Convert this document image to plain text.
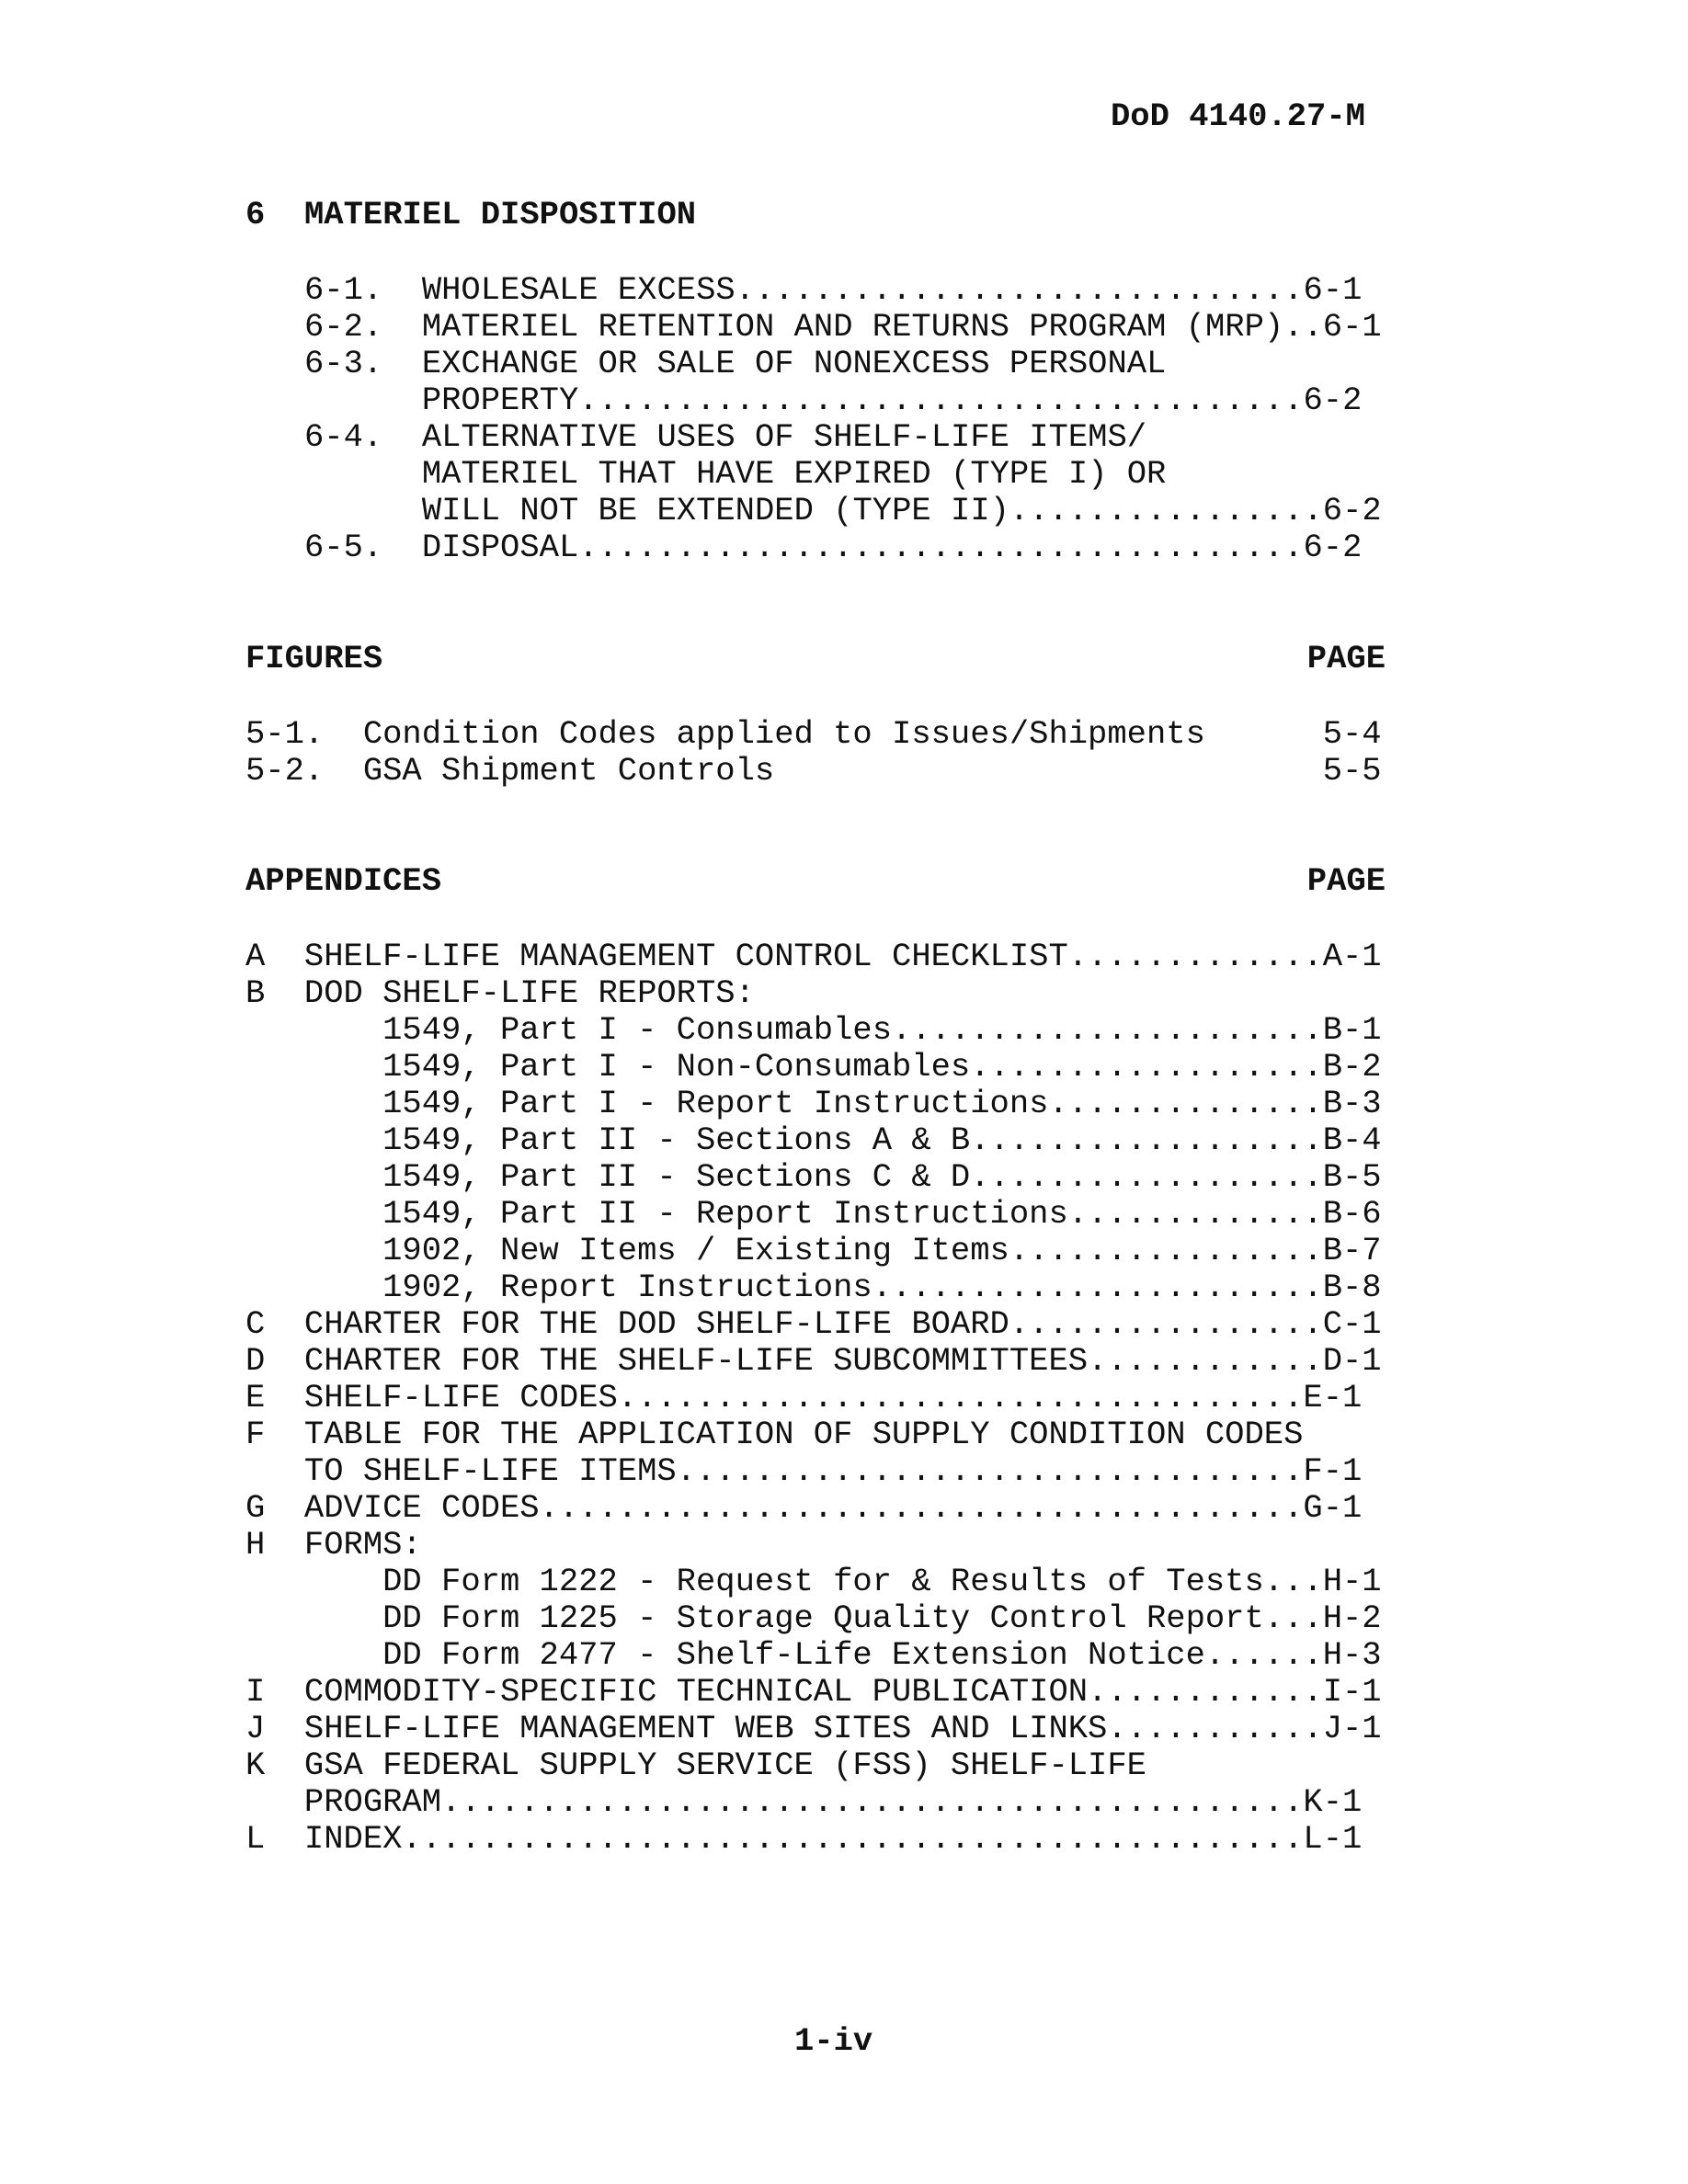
DoD 4140.27-M
6 MATERIEL DISPOSITION
6-1.  WHOLESALE EXCESS.............................6-1
6-2.  MATERIEL RETENTION AND RETURNS PROGRAM (MRP)..6-1
6-3.  EXCHANGE OR SALE OF NONEXCESS PERSONAL
PROPERTY.....................................6-2
6-4.  ALTERNATIVE USES OF SHELF-LIFE ITEMS/
MATERIEL THAT HAVE EXPIRED (TYPE I) OR
WILL NOT BE EXTENDED (TYPE II)................6-2
6-5.  DISPOSAL.....................................6-2
FIGURES	PAGE
5-1.  Condition Codes applied to Issues/Shipments      5-4
5-2.  GSA Shipment Controls                            5-5
APPENDICES	PAGE
A  SHELF-LIFE MANAGEMENT CONTROL CHECKLIST.............A-1
B  DOD SHELF-LIFE REPORTS:
1549, Part I - Consumables......................B-1
1549, Part I - Non-Consumables..................B-2
1549, Part I - Report Instructions..............B-3
1549, Part II - Sections A & B..................B-4
1549, Part II - Sections C & D..................B-5
1549, Part II - Report Instructions.............B-6
1902, New Items / Existing Items................B-7
1902, Report Instructions.......................B-8
C  CHARTER FOR THE DOD SHELF-LIFE BOARD................C-1
D  CHARTER FOR THE SHELF-LIFE SUBCOMMITTEES............D-1
E  SHELF-LIFE CODES...................................E-1
F  TABLE FOR THE APPLICATION OF SUPPLY CONDITION CODES
TO SHELF-LIFE ITEMS................................F-1
G  ADVICE CODES.......................................G-1
H  FORMS:
DD Form 1222 - Request for & Results of Tests...H-1
DD Form 1225 - Storage Quality Control Report...H-2
DD Form 2477 - Shelf-Life Extension Notice......H-3
I  COMMODITY-SPECIFIC TECHNICAL PUBLICATION............I-1
J  SHELF-LIFE MANAGEMENT WEB SITES AND LINKS...........J-1
K  GSA FEDERAL SUPPLY SERVICE (FSS) SHELF-LIFE
PROGRAM............................................K-1
L  INDEX..............................................L-1
1-iv
